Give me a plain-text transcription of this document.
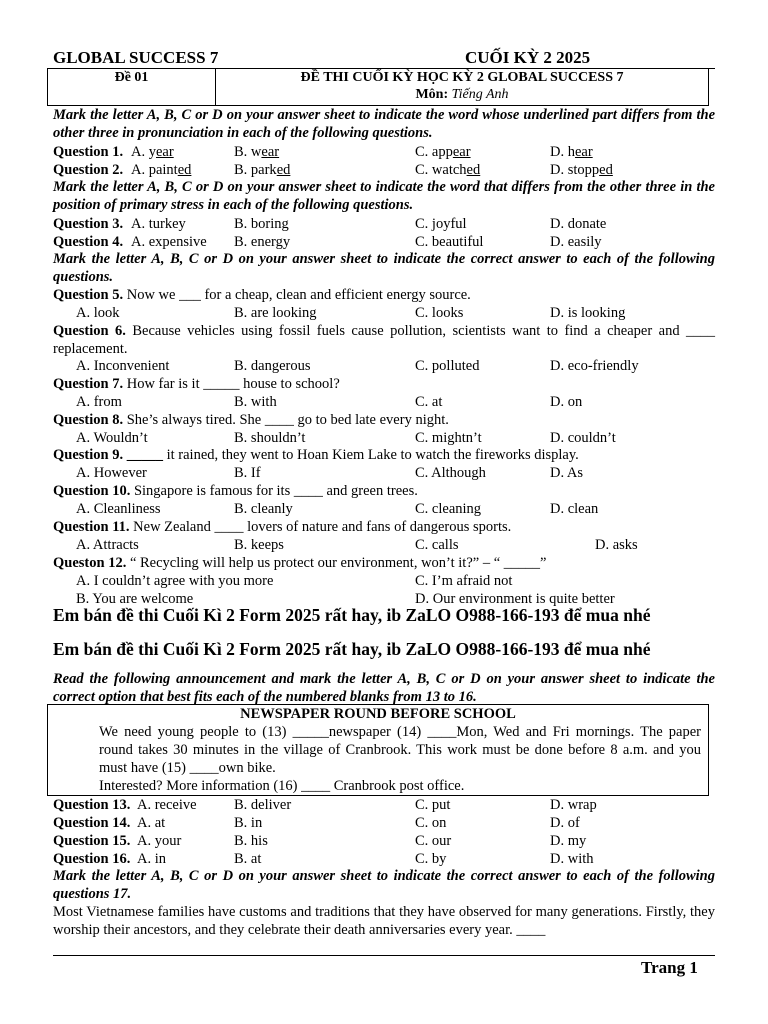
GLOBAL SUCCESS 7	CUỐI KỲ 2 2025
Đề 01	ĐỀ THI CUỐI KỲ HỌC KỲ 2 GLOBAL SUCCESS 7
Môn: Tiếng Anh
Mark the letter A, B, C or D on your answer sheet to indicate the word whose underlined part differs from the other three in pronunciation in each of the following questions.
Question 1. A. year	B. wear	C. appear	D. hear
Question 2. A. painted	B. parked	C. watched	D. stopped
Mark the letter A, B, C or D on your answer sheet to indicate the word that differs from the other three in the position of primary stress in each of the following questions.
Question 3. A. turkey	B. boring	C. joyful	D. donate
Question 4. A. expensive B. energy	C. beautiful	D. easily
Mark the letter A, B, C or D on your answer sheet to indicate the correct answer to each of the following questions.
Question 5. Now we ___ for a cheap, clean and efficient energy source.
A. look	B. are looking	C. looks	D. is looking
Question 6. Because vehicles using fossil fuels cause pollution, scientists want to find a cheaper and ____ replacement.
A. Inconvenient	B. dangerous	C. polluted	D. eco-friendly
Question 7. How far is it _____ house to school?
A. from	B. with	C. at	D. on
Question 8. She’s always tired. She ____ go to bed late every night.
A. Wouldn’t	B. shouldn’t	C. mightn’t	D. couldn’t
Question 9. _____ it rained, they went to Hoan Kiem Lake to watch the fireworks display.
A. However	B. If	C. Although	D. As
Question 10. Singapore is famous for its ____ and green trees.
A. Cleanliness	B. cleanly	C. cleaning	D. clean
Question 11. New Zealand ____ lovers of nature and fans of dangerous sports.
A. Attracts	B. keeps	C. calls	D. asks
Queston 12. “ Recycling will help us protect our environment, won’t it?” – “ _____”
A. I couldn’t agree with you more	C. I’m afraid not
B. You are welcome	D. Our environment is quite better
Em bán đề thi Cuối Kì 2 Form 2025 rất hay, ib ZaLO O988-166-193 để mua nhé
Em bán đề thi Cuối Kì 2 Form 2025 rất hay, ib ZaLO O988-166-193 để mua nhé
Read the following announcement and mark the letter A, B, C or D on your answer sheet to indicate the correct option that best fits each of the numbered blanks from 13 to 16.
NEWSPAPER ROUND BEFORE SCHOOL
We need young people to (13) _____newspaper (14) ____Mon, Wed and Fri mornings. The paper round takes 30 minutes in the village of Cranbrook. This work must be done before 8 a.m. and you must have (15) ____own bike.
Interested? More information (16) ____ Cranbrook post office.
Question 13. A. receive	B. deliver	C. put	D. wrap
Question 14. A. at	B. in	C. on	D. of
Question 15. A. your	B. his	C. our	D. my
Question 16. A. in	B. at	C. by	D. with
Mark the letter A, B, C or D on your answer sheet to indicate the correct answer to each of the following questions 17.
Most Vietnamese families have customs and traditions that they have observed for many generations. Firstly, they worship their ancestors, and they celebrate their death anniversaries every year. ____
Trang 1
